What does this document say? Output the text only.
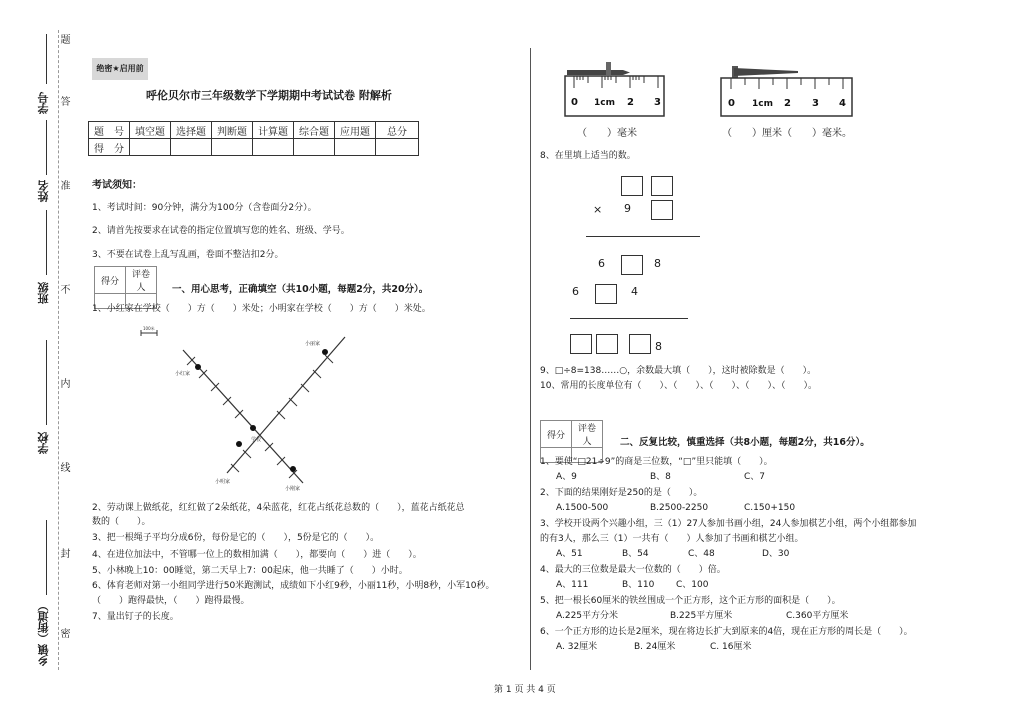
学号
姓名
班级
学校
乡镇（街道）
题
答
准
不
内
线
封
密
绝密★启用前
呼伦贝尔市三年级数学下学期期中考试试卷 附解析
题　号	填空题	选择题	判断题	计算题	综合题	应用题	总分
得　分							
考试须知：
1、考试时间：90分钟，满分为100分（含卷面分2分）。
2、请首先按要求在试卷的指定位置填写您的姓名、班级、学号。
3、不要在试卷上乱写乱画，卷面不整洁扣2分。
得分	评卷人
		一、用心思考，正确填空（共10小题，每题2分，共20分）。
1、小红家在学校（　　）方（　　）米处；小明家在学校（　　）方（　　）米处。
100米
小红家
小丽家
学校
小明家
小刚家
2、劳动课上做纸花，红红做了2朵纸花，4朵蓝花，红花占纸花总数的（　　），蓝花占纸花总
数的（　　）。
3、把一根绳子平均分成6份，每份是它的（　　），5份是它的（　　）。
4、在进位加法中，不管哪一位上的数相加满（　　），都要向（　　）进（　　）。
5、小林晚上10：00睡觉，第二天早上7：00起床，他一共睡了（　　）小时。
6、体育老师对第一小组同学进行50米跑测试，成绩如下小红9秒，小丽11秒，小明8秒，小军10秒。
（　　）跑得最快，（　　）跑得最慢。
7、量出钉子的长度。
0 1cm 2 3	0 1cm 2 3 4
（　　）毫米	（　　）厘米（　　）毫米。
8、在里填上适当的数。
× 9
6	8
6	4
8
9、□÷8=138……○，余数最大填（　　），这时被除数是（　　）。
10、常用的长度单位有（　　）、（　　）、（　　）、（　　）、（　　）。
得分	评卷人
		二、反复比较，慎重选择（共8小题，每题2分，共16分）。
1、要使“□21÷9”的商是三位数，“□”里只能填（　　）。
A、9	B、8	C、7
2、下面的结果刚好是250的是（　　）。
A.1500-500	B.2500-2250	C.150+150
3、学校开设两个兴趣小组，三（1）27人参加书画小组，24人参加棋艺小组，两个小组都参加
的有3人，那么三（1）一共有（　　）人参加了书画和棋艺小组。
A、51	B、54	C、48	D、30
4、最大的三位数是最大一位数的（　　）倍。
A、111	B、110 C、100
5、把一根长60厘米的铁丝围成一个正方形，这个正方形的面积是（　　）。
A.225平方分米	B.225平方厘米	C.360平方厘米
6、一个正方形的边长是2厘米，现在将边长扩大到原来的4倍，现在正方形的周长是（　　）。
A. 32厘米	B. 24厘米	C. 16厘米
第 1 页 共 4 页
